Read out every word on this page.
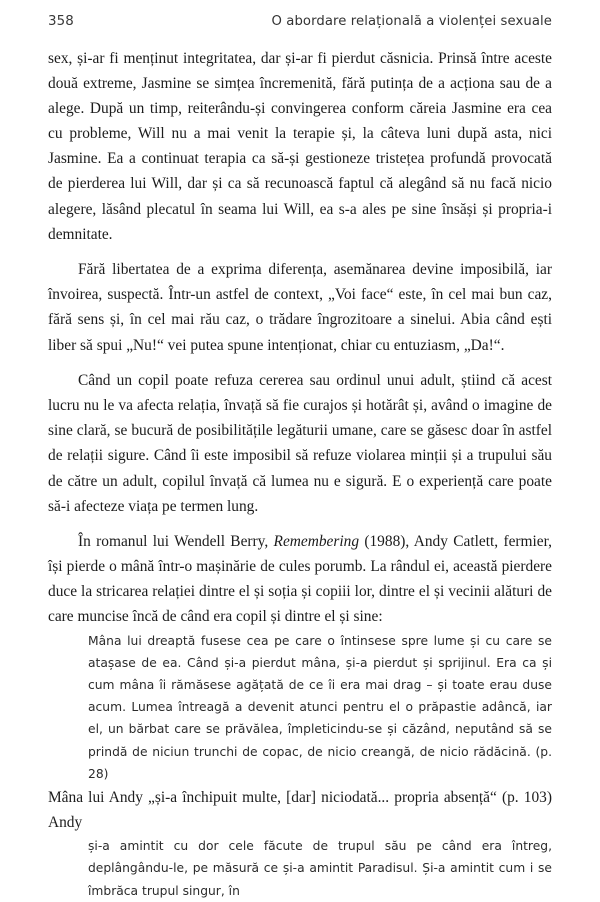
358	O abordare relațională a violenței sexuale

sex, și-ar fi menținut integritatea, dar și-ar fi pierdut căsnicia. Prinsă între aceste două extreme, Jasmine se simțea încremenită, fără putința de a acționa sau de a alege. După un timp, reiterându-și convingerea conform căreia Jasmine era cea cu probleme, Will nu a mai venit la terapie și, la câteva luni după asta, nici Jasmine. Ea a continuat terapia ca să-și gestioneze tristețea profundă provocată de pierderea lui Will, dar și ca să recunoască faptul că alegând să nu facă nicio alegere, lăsând plecatul în seama lui Will, ea s-a ales pe sine însăși și propria-i demnitate.

Fără libertatea de a exprima diferența, asemănarea devine imposibilă, iar învoirea, suspectă. Într-un astfel de context, „Voi face“ este, în cel mai bun caz, fără sens și, în cel mai rău caz, o trădare îngrozitoare a sinelui. Abia când ești liber să spui „Nu!“ vei putea spune intenționat, chiar cu entuziasm, „Da!“.

Când un copil poate refuza cererea sau ordinul unui adult, știind că acest lucru nu le va afecta relația, învață să fie curajos și hotărât și, având o imagine de sine clară, se bucură de posibilitățile legăturii umane, care se găsesc doar în astfel de relații sigure. Când îi este imposibil să refuze violarea minții și a trupului său de către un adult, copilul învață că lumea nu e sigură. E o experiență care poate să-i afecteze viața pe termen lung.

În romanul lui Wendell Berry, Remembering (1988), Andy Catlett, fermier, își pierde o mână într-o mașinărie de cules porumb. La rândul ei, această pierdere duce la stricarea relației dintre el și soția și copiii lor, dintre el și vecinii alături de care muncise încă de când era copil și dintre el și sine:

Mâna lui dreaptă fusese cea pe care o întinsese spre lume și cu care se atașase de ea. Când și-a pierdut mâna, și-a pierdut și sprijinul. Era ca și cum mâna îi rămăsese agățată de ce îi era mai drag – și toate erau duse acum. Lumea întreagă a devenit atunci pentru el o prăpastie adâncă, iar el, un bărbat care se prăvălea, împleticindu-se și căzând, neputând să se prindă de niciun trunchi de copac, de nicio creangă, de nicio rădăcină. (p. 28)

Mâna lui Andy „și-a închipuit multe, [dar] niciodată... propria absență“ (p. 103) Andy

și-a amintit cu dor cele făcute de trupul său pe când era întreg, deplângându-le, pe măsură ce și-a amintit Paradisul. Și-a amintit cum i se îmbrăca trupul singur, în
